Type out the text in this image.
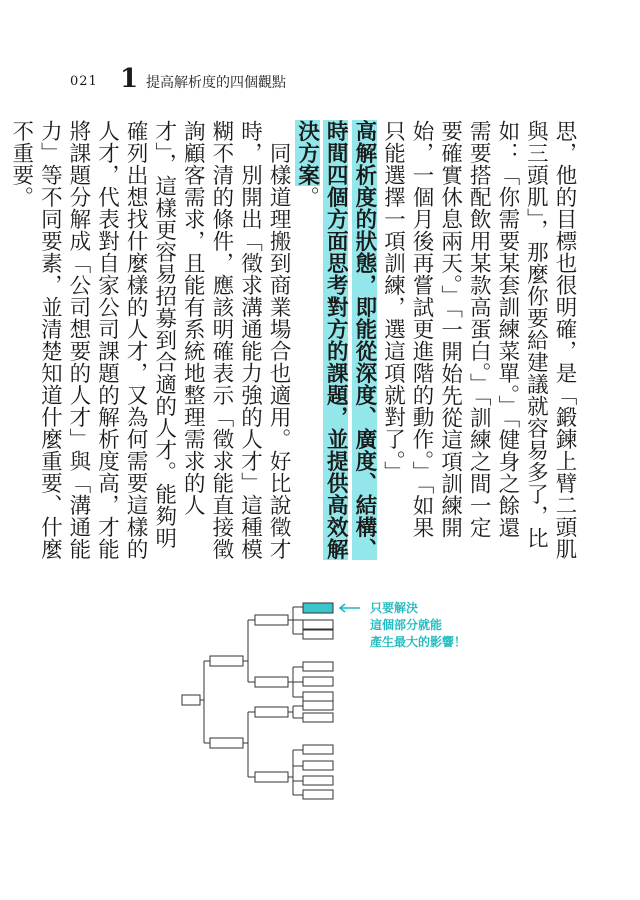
021 1 提高解析度的四個觀點

思，他的目標也很明確，是「鍛鍊上臂二頭肌與三頭肌」，那麼你要給建議就容易多了，比如：「你需要某套訓練菜單。」「健身之餘還需要搭配飲用某款高蛋白。」「訓練之間一定要確實休息兩天。」「一開始先從這項訓練開始，一個月後再嘗試更進階的動作。」「如果只能選擇一項訓練，選這項就對了。」

高解析度的狀態，即能從深度、廣度、結構、時間四個方面思考對方的課題，並提供高效解決方案。

同樣道理搬到商業場合也適用。好比說徵才時，別開出「徵求溝通能力強的人才」這種模糊不清的條件，應該明確表示「徵求能直接徵詢顧客需求，且能有系統地整理需求的人才」，這樣更容易招募到合適的人才。能夠明確列出想找什麼樣的人才，又為何需要這樣的人才，代表對自家公司課題的解析度高，才能將課題分解成「公司想要的人才」與「溝通能力」等不同要素，並清楚知道什麼重要、什麼不重要。

只要解決
這個部分就能
產生最大的影響！
